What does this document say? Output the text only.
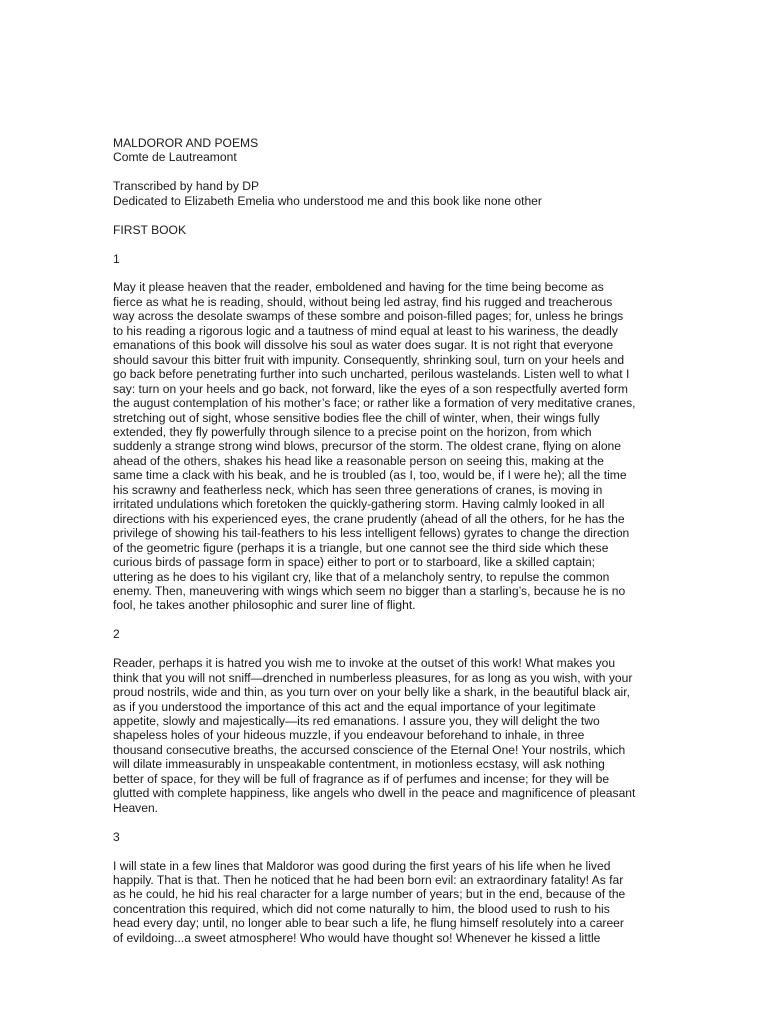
MALDOROR AND POEMS
Comte de Lautreamont
Transcribed by hand by DP
Dedicated to Elizabeth Emelia who understood me and this book like none other
FIRST BOOK
1
May it please heaven that the reader, emboldened and having for the time being become as
fierce as what he is reading, should, without being led astray, find his rugged and treacherous
way across the desolate swamps of these sombre and poison-filled pages; for, unless he brings
to his reading a rigorous logic and a tautness of mind equal at least to his wariness, the deadly
emanations of this book will dissolve his soul as water does sugar. It is not right that everyone
should savour this bitter fruit with impunity. Consequently, shrinking soul, turn on your heels and
go back before penetrating further into such uncharted, perilous wastelands. Listen well to what I
say: turn on your heels and go back, not forward, like the eyes of a son respectfully averted form
the august contemplation of his mother’s face; or rather like a formation of very meditative cranes,
stretching out of sight, whose sensitive bodies flee the chill of winter, when, their wings fully
extended, they fly powerfully through silence to a precise point on the horizon, from which
suddenly a strange strong wind blows, precursor of the storm. The oldest crane, flying on alone
ahead of the others, shakes his head like a reasonable person on seeing this, making at the
same time a clack with his beak, and he is troubled (as I, too, would be, if I were he); all the time
his scrawny and featherless neck, which has seen three generations of cranes, is moving in
irritated undulations which foretoken the quickly-gathering storm. Having calmly looked in all
directions with his experienced eyes, the crane prudently (ahead of all the others, for he has the
privilege of showing his tail-feathers to his less intelligent fellows) gyrates to change the direction
of the geometric figure (perhaps it is a triangle, but one cannot see the third side which these
curious birds of passage form in space) either to port or to starboard, like a skilled captain;
uttering as he does to his vigilant cry, like that of a melancholy sentry, to repulse the common
enemy. Then, maneuvering with wings which seem no bigger than a starling’s, because he is no
fool, he takes another philosophic and surer line of flight.
2
Reader, perhaps it is hatred you wish me to invoke at the outset of this work! What makes you
think that you will not sniff—drenched in numberless pleasures, for as long as you wish, with your
proud nostrils, wide and thin, as you turn over on your belly like a shark, in the beautiful black air,
as if you understood the importance of this act and the equal importance of your legitimate
appetite, slowly and majestically—its red emanations. I assure you, they will delight the two
shapeless holes of your hideous muzzle, if you endeavour beforehand to inhale, in three
thousand consecutive breaths, the accursed conscience of the Eternal One! Your nostrils, which
will dilate immeasurably in unspeakable contentment, in motionless ecstasy, will ask nothing
better of space, for they will be full of fragrance as if of perfumes and incense; for they will be
glutted with complete happiness, like angels who dwell in the peace and magnificence of pleasant
Heaven.
3
I will state in a few lines that Maldoror was good during the first years of his life when he lived
happily. That is that. Then he noticed that he had been born evil: an extraordinary fatality! As far
as he could, he hid his real character for a large number of years; but in the end, because of the
concentration this required, which did not come naturally to him, the blood used to rush to his
head every day; until, no longer able to bear such a life, he flung himself resolutely into a career
of evildoing...a sweet atmosphere! Who would have thought so! Whenever he kissed a little
